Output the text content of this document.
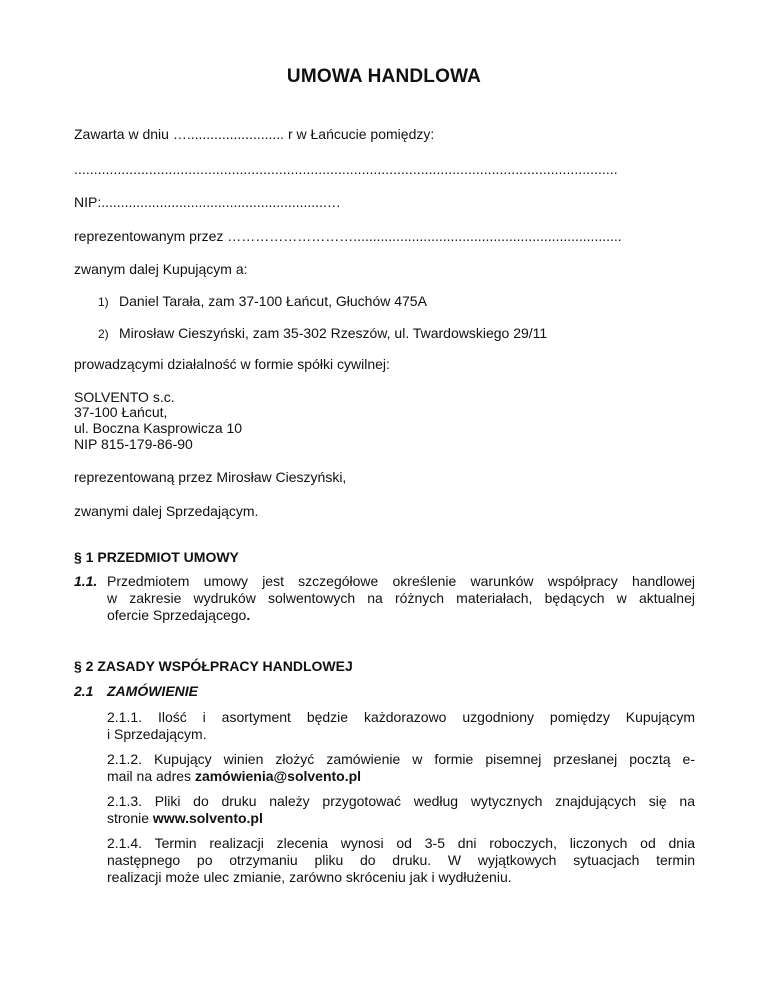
UMOWA HANDLOWA
Zawarta w dniu …......................... r w Łańcucie pomiędzy:
..........................................................................................................................................
NIP:..........................................................…
reprezentowanym przez ……………………….....................................................................
zwanym dalej Kupującym a:
1) Daniel Tarała, zam 37-100 Łańcut, Głuchów 475A
2) Mirosław Cieszyński, zam 35-302 Rzeszów, ul. Twardowskiego 29/11
prowadzącymi działalność w formie spółki cywilnej:
SOLVENTO s.c.
37-100 Łańcut,
ul. Boczna Kasprowicza 10
NIP 815-179-86-90
reprezentowaną przez Mirosław Cieszyński,
zwanymi dalej Sprzedającym.
§ 1 PRZEDMIOT UMOWY
1.1. Przedmiotem umowy jest szczegółowe określenie warunków współpracy handlowej
w zakresie wydruków solwentowych na różnych materiałach, będących w aktualnej
ofercie Sprzedającego.
§ 2 ZASADY WSPÓŁPRACY HANDLOWEJ
2.1 ZAMÓWIENIE
2.1.1. Ilość i asortyment będzie każdorazowo uzgodniony pomiędzy Kupującym
i Sprzedającym.
2.1.2. Kupujący winien złożyć zamówienie w formie pisemnej przesłanej pocztą e-
mail na adres zamówienia@solvento.pl
2.1.3. Pliki do druku należy przygotować według wytycznych znajdujących się na
stronie www.solvento.pl
2.1.4. Termin realizacji zlecenia wynosi od 3-5 dni roboczych, liczonych od dnia
następnego po otrzymaniu pliku do druku. W wyjątkowych sytuacjach termin
realizacji może ulec zmianie, zarówno skróceniu jak i wydłużeniu.
